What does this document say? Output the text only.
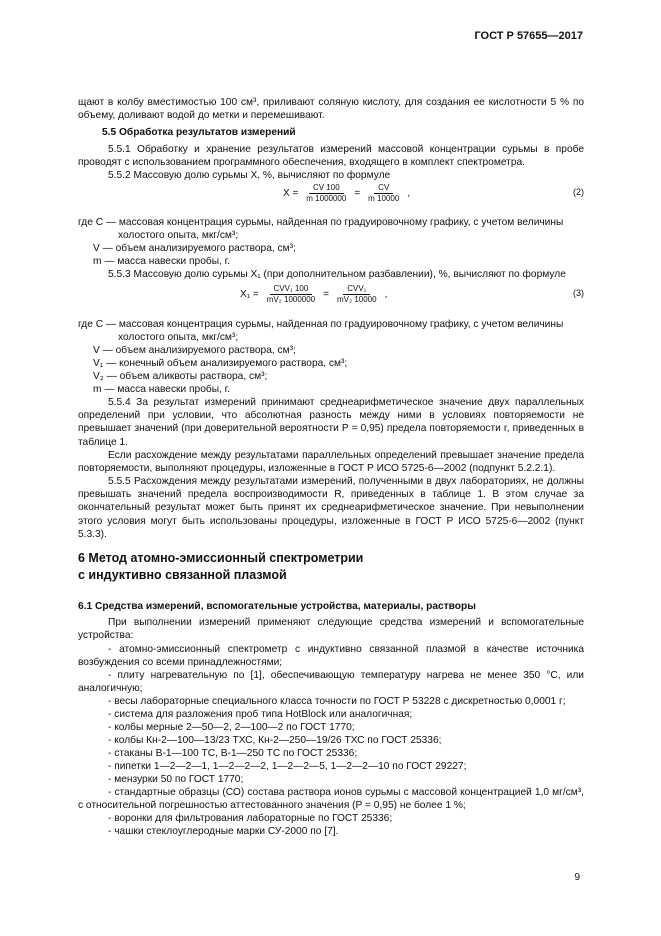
ГОСТ Р 57655—2017
щают в колбу вместимостью 100 см³, приливают соляную кислоту, для создания ее кислотности 5 % по объему, доливают водой до метки и перемешивают.
5.5 Обработка результатов измерений
5.5.1 Обработку и хранение результатов измерений массовой концентрации сурьмы в пробе проводят с использованием программного обеспечения, входящего в комплект спектрометра.
5.5.2 Массовую долю сурьмы X, %, вычисляют по формуле
$X = \frac{CV 100}{m 1000000} = \frac{CV}{m 10000}$ ,	(2)
где C — массовая концентрация сурьмы, найденная по градуировочному графику, с учетом величины
холостого опыта, мкг/см³;
V — объем анализируемого раствора, см³;
m — масса навески пробы, г.
5.5.3 Массовую долю сурьмы X₁ (при дополнительном разбавлении), %, вычисляют по формуле
$X_1 = \frac{\text{CVV₁ 100}}{\text{mV₂ 1000000}} = \frac{\text{CVV₁}}{\text{mV₂ 10000}}$ ,	(3)
где C — массовая концентрация сурьмы, найденная по градуировочному графику, с учетом величины
холостого опыта, мкг/см³;
V — объем анализируемого раствора, см³;
V₁ — конечный объем анализируемого раствора, см³;
V₂ — объем аликвоты раствора, см³;
m — масса навески пробы, г.
5.5.4 За результат измерений принимают среднеарифметическое значение двух параллельных определений при условии, что абсолютная разность между ними в условиях повторяемости не превышает значений (при доверительной вероятности P = 0,95) предела повторяемости r, приведенных в таблице 1.
Если расхождение между результатами параллельных определений превышает значение предела повторяемости, выполняют процедуры, изложенные в ГОСТ Р ИСО 5725-6—2002 (подпункт 5.2.2.1).
5.5.5 Расхождения между результатами измерений, полученными в двух лабораториях, не должны превышать значений предела воспроизводимости R, приведенных в таблице 1. В этом случае за окончательный результат может быть принят их среднеарифметическое значение. При невыполнении этого условия могут быть использованы процедуры, изложенные в ГОСТ Р ИСО 5725-6—2002 (пункт 5.3.3).
6 Метод атомно-эмиссионный спектрометрии
с индуктивно связанной плазмой
6.1 Средства измерений, вспомогательные устройства, материалы, растворы
При выполнении измерений применяют следующие средства измерений и вспомогательные устройства:
- атомно-эмиссионный спектрометр с индуктивно связанной плазмой в качестве источника возбуждения со всеми принадлежностями;
- плиту нагревательную по [1], обеспечивающую температуру нагрева не менее 350 °С, или аналогичную;
- весы лабораторные специального класса точности по ГОСТ Р 53228 с дискретностью 0,0001 г;
- система для разложения проб типа HotBlock или аналогичная;
- колбы мерные 2—50—2, 2—100—2 по ГОСТ 1770;
- колбы Кн-2—100—13/23 ТХС, Кн-2—250—19/26 ТХС по ГОСТ 25336;
- стаканы В-1—100 ТС, В-1—250 ТС по ГОСТ 25336;
- пипетки 1—2—2—1, 1—2—2—2, 1—2—2—5, 1—2—2—10 по ГОСТ 29227;
- мензурки 50 по ГОСТ 1770;
- стандартные образцы (СО) состава раствора ионов сурьмы с массовой концентрацией 1,0 мг/см³, с относительной погрешностью аттестованного значения (P = 0,95) не более 1 %;
- воронки для фильтрования лабораторные по ГОСТ 25336;
- чашки стеклоуглеродные марки СУ-2000 по [7].
9
